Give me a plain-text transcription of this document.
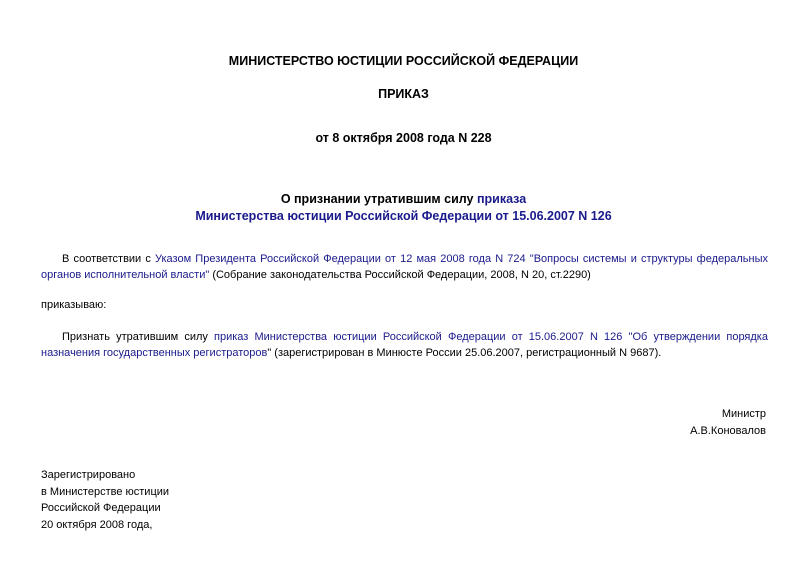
МИНИСТЕРСТВО ЮСТИЦИИ РОССИЙСКОЙ ФЕДЕРАЦИИ
ПРИКАЗ
от 8 октября 2008 года N 228
О признании утратившим силу приказа
Министерства юстиции Российской Федерации от 15.06.2007 N 126
В соответствии с Указом Президента Российской Федерации от 12 мая 2008 года N 724 "Вопросы системы и структуры федеральных органов исполнительной власти" (Собрание законодательства Российской Федерации, 2008, N 20, ст.2290)
приказываю:
Признать утратившим силу приказ Министерства юстиции Российской Федерации от 15.06.2007 N 126 "Об утверждении порядка назначения государственных регистраторов" (зарегистрирован в Минюсте России 25.06.2007, регистрационный N 9687).
Министр
А.В.Коновалов
Зарегистрировано
в Министерстве юстиции
Российской Федерации
20 октября 2008 года,
